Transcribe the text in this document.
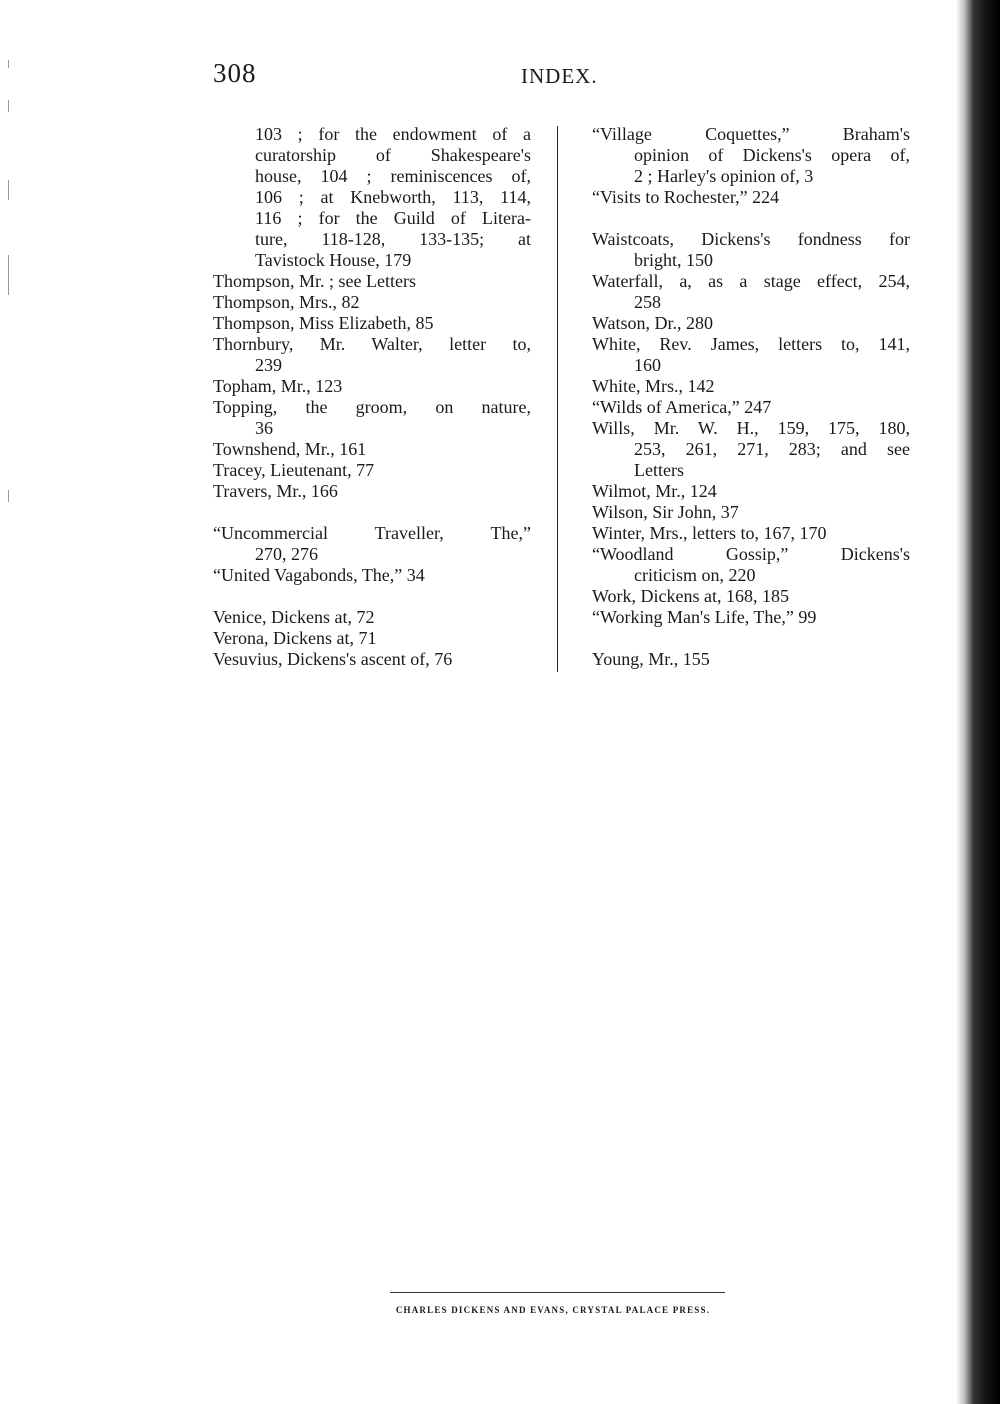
308	INDEX.
103 ; for the endowment of a
curatorship of Shakespeare's
house, 104 ; reminiscences of,
106 ; at Knebworth, 113, 114,
116 ; for the Guild of Litera-
ture, 118-128, 133-135; at
Tavistock House, 179
Thompson, Mr. ; see Letters
Thompson, Mrs., 82
Thompson, Miss Elizabeth, 85
Thornbury, Mr. Walter, letter to,
239
Topham, Mr., 123
Topping, the groom, on nature,
36
Townshend, Mr., 161
Tracey, Lieutenant, 77
Travers, Mr., 166
“Uncommercial Traveller, The,”
270, 276
“United Vagabonds, The,” 34
Venice, Dickens at, 72
Verona, Dickens at, 71
Vesuvius, Dickens's ascent of, 76
“Village Coquettes,” Braham's
opinion of Dickens's opera of,
2 ; Harley's opinion of, 3
“Visits to Rochester,” 224
Waistcoats, Dickens's fondness for
bright, 150
Waterfall, a, as a stage effect, 254,
258
Watson, Dr., 280
White, Rev. James, letters to, 141,
160
White, Mrs., 142
“Wilds of America,” 247
Wills, Mr. W. H., 159, 175, 180,
253, 261, 271, 283; and see
Letters
Wilmot, Mr., 124
Wilson, Sir John, 37
Winter, Mrs., letters to, 167, 170
“Woodland Gossip,” Dickens's
criticism on, 220
Work, Dickens at, 168, 185
“Working Man's Life, The,” 99
Young, Mr., 155
CHARLES DICKENS AND EVANS, CRYSTAL PALACE PRESS.
